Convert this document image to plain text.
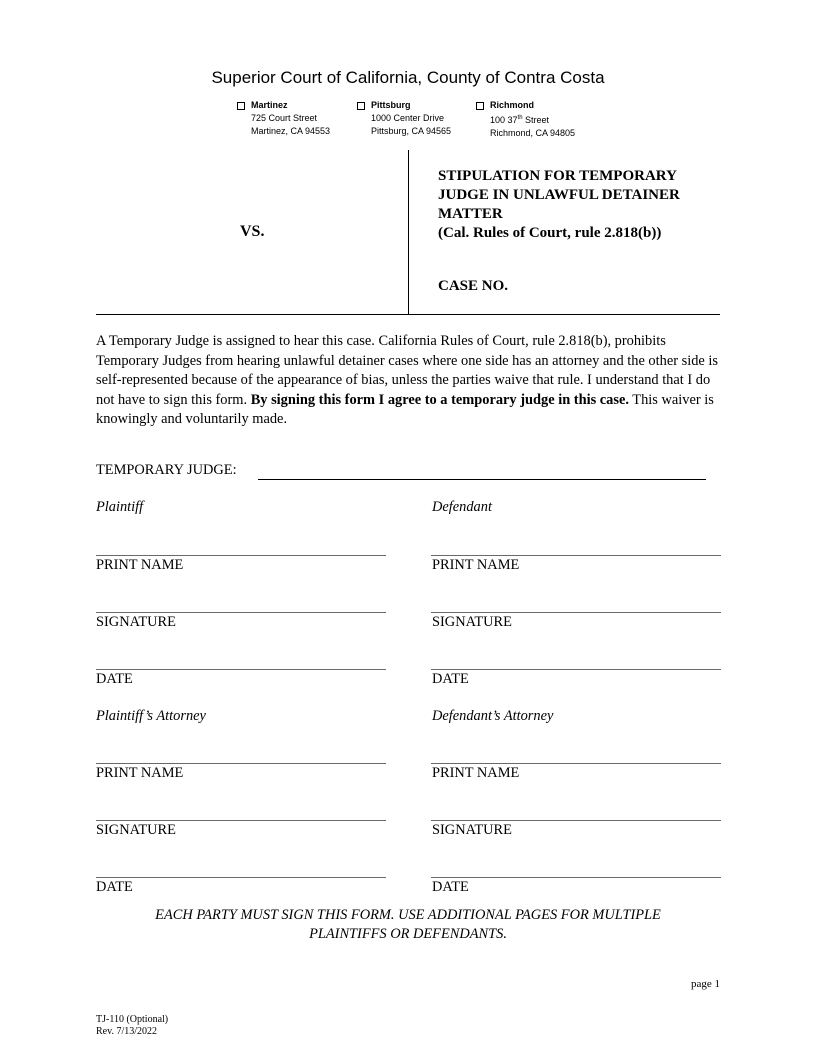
Superior Court of California, County of Contra Costa
Martinez
725 Court Street
Martinez, CA 94553
Pittsburg
1000 Center Drive
Pittsburg, CA 94565
Richmond
100 37th Street
Richmond, CA 94805
VS.
STIPULATION FOR TEMPORARY
JUDGE IN UNLAWFUL DETAINER
MATTER
(Cal. Rules of Court, rule 2.818(b))
CASE NO.
A Temporary Judge is assigned to hear this case. California Rules of Court, rule 2.818(b), prohibits Temporary Judges from hearing unlawful detainer cases where one side has an attorney and the other side is self-represented because of the appearance of bias, unless the parties waive that rule. I understand that I do not have to sign this form. By signing this form I agree to a temporary judge in this case. This waiver is knowingly and voluntarily made.
TEMPORARY JUDGE:
Plaintiff
PRINT NAME
SIGNATURE
DATE
Defendant
PRINT NAME
SIGNATURE
DATE
Plaintiff’s Attorney
PRINT NAME
SIGNATURE
DATE
Defendant’s Attorney
PRINT NAME
SIGNATURE
DATE
EACH PARTY MUST SIGN THIS FORM. USE ADDITIONAL PAGES FOR MULTIPLE
PLAINTIFFS OR DEFENDANTS.
page 1
TJ-110 (Optional)
Rev. 7/13/2022
